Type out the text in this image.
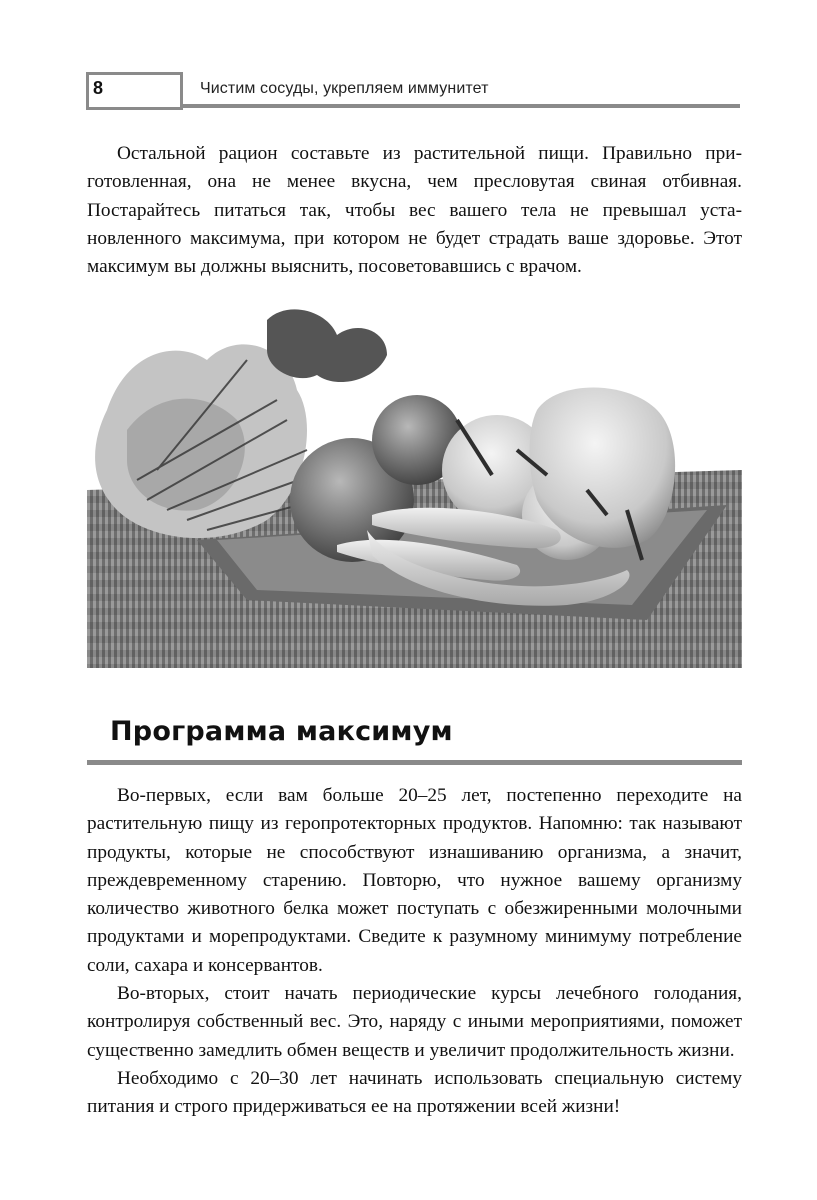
8	Чистим сосуды, укрепляем иммунитет

Остальной рацион составьте из растительной пищи. Правильно приготовленная, она не менее вкусна, чем пресловутая свиная отбивная. Постарайтесь питаться так, чтобы вес вашего тела не превышал установленного максимума, при котором не будет страдать ваше здоровье. Этот максимум вы должны выяснить, посоветовавшись с врачом.

Программа максимум

Во-первых, если вам больше 20–25 лет, постепенно переходите на растительную пищу из геропротекторных продуктов. Напомню: так называют продукты, которые не способствуют изнашиванию организма, а значит, преждевременному старению. Повторю, что нужное вашему организму количество животного белка может поступать с обезжиренными молочными продуктами и морепродуктами. Сведите к разумному минимуму потребление соли, сахара и консервантов.

Во-вторых, стоит начать периодические курсы лечебного голодания, контролируя собственный вес. Это, наряду с иными мероприятиями, поможет существенно замедлить обмен веществ и увеличит продолжительность жизни.

Необходимо с 20–30 лет начинать использовать специальную систему питания и строго придерживаться ее на протяжении всей жизни!
